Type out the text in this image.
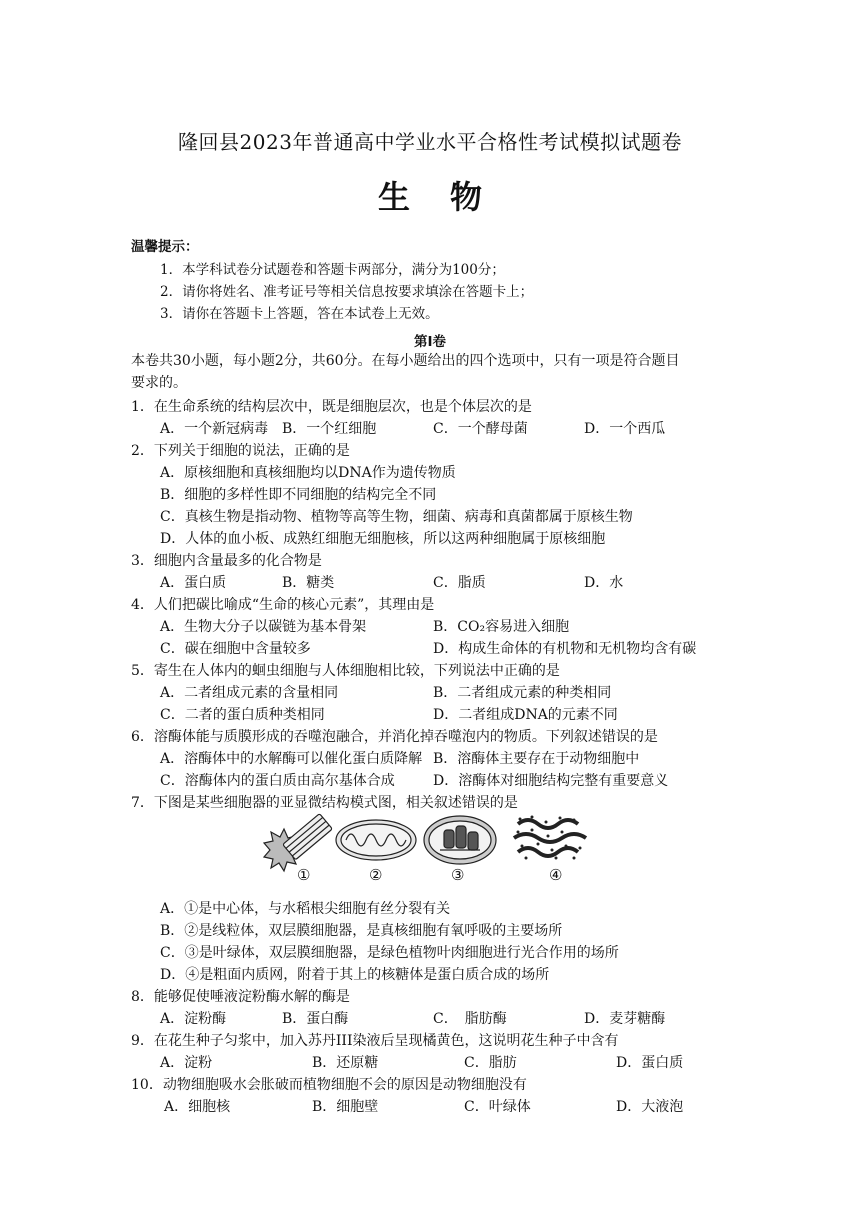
隆回县2023年普通高中学业水平合格性考试模拟试题卷
生物
温馨提示：
1．本学科试卷分试题卷和答题卡两部分，满分为100分；
2．请你将姓名、准考证号等相关信息按要求填涂在答题卡上；
3．请你在答题卡上答题，答在本试卷上无效。
第Ⅰ卷
本卷共30小题，每小题2分，共60分。在每小题给出的四个选项中，只有一项是符合题目
要求的。
1．在生命系统的结构层次中，既是细胞层次，也是个体层次的是
A．一个新冠病毒 B．一个红细胞	C．一个酵母菌	D．一个西瓜
2．下列关于细胞的说法，正确的是
A．原核细胞和真核细胞均以DNA作为遗传物质
B．细胞的多样性即不同细胞的结构完全不同
C．真核生物是指动物、植物等高等生物，细菌、病毒和真菌都属于原核生物
D．人体的血小板、成熟红细胞无细胞核，所以这两种细胞属于原核细胞
3．细胞内含量最多的化合物是
A．蛋白质	B．糖类	C．脂质	D．水
4．人们把碳比喻成“生命的核心元素”，其理由是
A．生物大分子以碳链为基本骨架	B．CO₂容易进入细胞
C．碳在细胞中含量较多	D．构成生命体的有机物和无机物均含有碳
5．寄生在人体内的蛔虫细胞与人体细胞相比较，下列说法中正确的是
A．二者组成元素的含量相同	B．二者组成元素的种类相同
C．二者的蛋白质种类相同	D．二者组成DNA的元素不同
6．溶酶体能与质膜形成的吞噬泡融合，并消化掉吞噬泡内的物质。下列叙述错误的是
A．溶酶体中的水解酶可以催化蛋白质降解 B．溶酶体主要存在于动物细胞中
C．溶酶体内的蛋白质由高尔基体合成	D．溶酶体对细胞结构完整有重要意义
7．下图是某些细胞器的亚显微结构模式图，相关叙述错误的是
①	②	③	④
A．①是中心体，与水稻根尖细胞有丝分裂有关
B．②是线粒体，双层膜细胞器，是真核细胞有氧呼吸的主要场所
C．③是叶绿体，双层膜细胞器，是绿色植物叶肉细胞进行光合作用的场所
D．④是粗面内质网，附着于其上的核糖体是蛋白质合成的场所
8．能够促使唾液淀粉酶水解的酶是
A．淀粉酶	B．蛋白酶	C．　脂肪酶	D．麦芽糖酶
9．在花生种子匀浆中，加入苏丹III染液后呈现橘黄色，这说明花生种子中含有
A．淀粉	B．还原糖	C．脂肪	D．蛋白质
10．动物细胞吸水会胀破而植物细胞不会的原因是动物细胞没有
A．细胞核	B．细胞壁	C．叶绿体	D．大液泡
